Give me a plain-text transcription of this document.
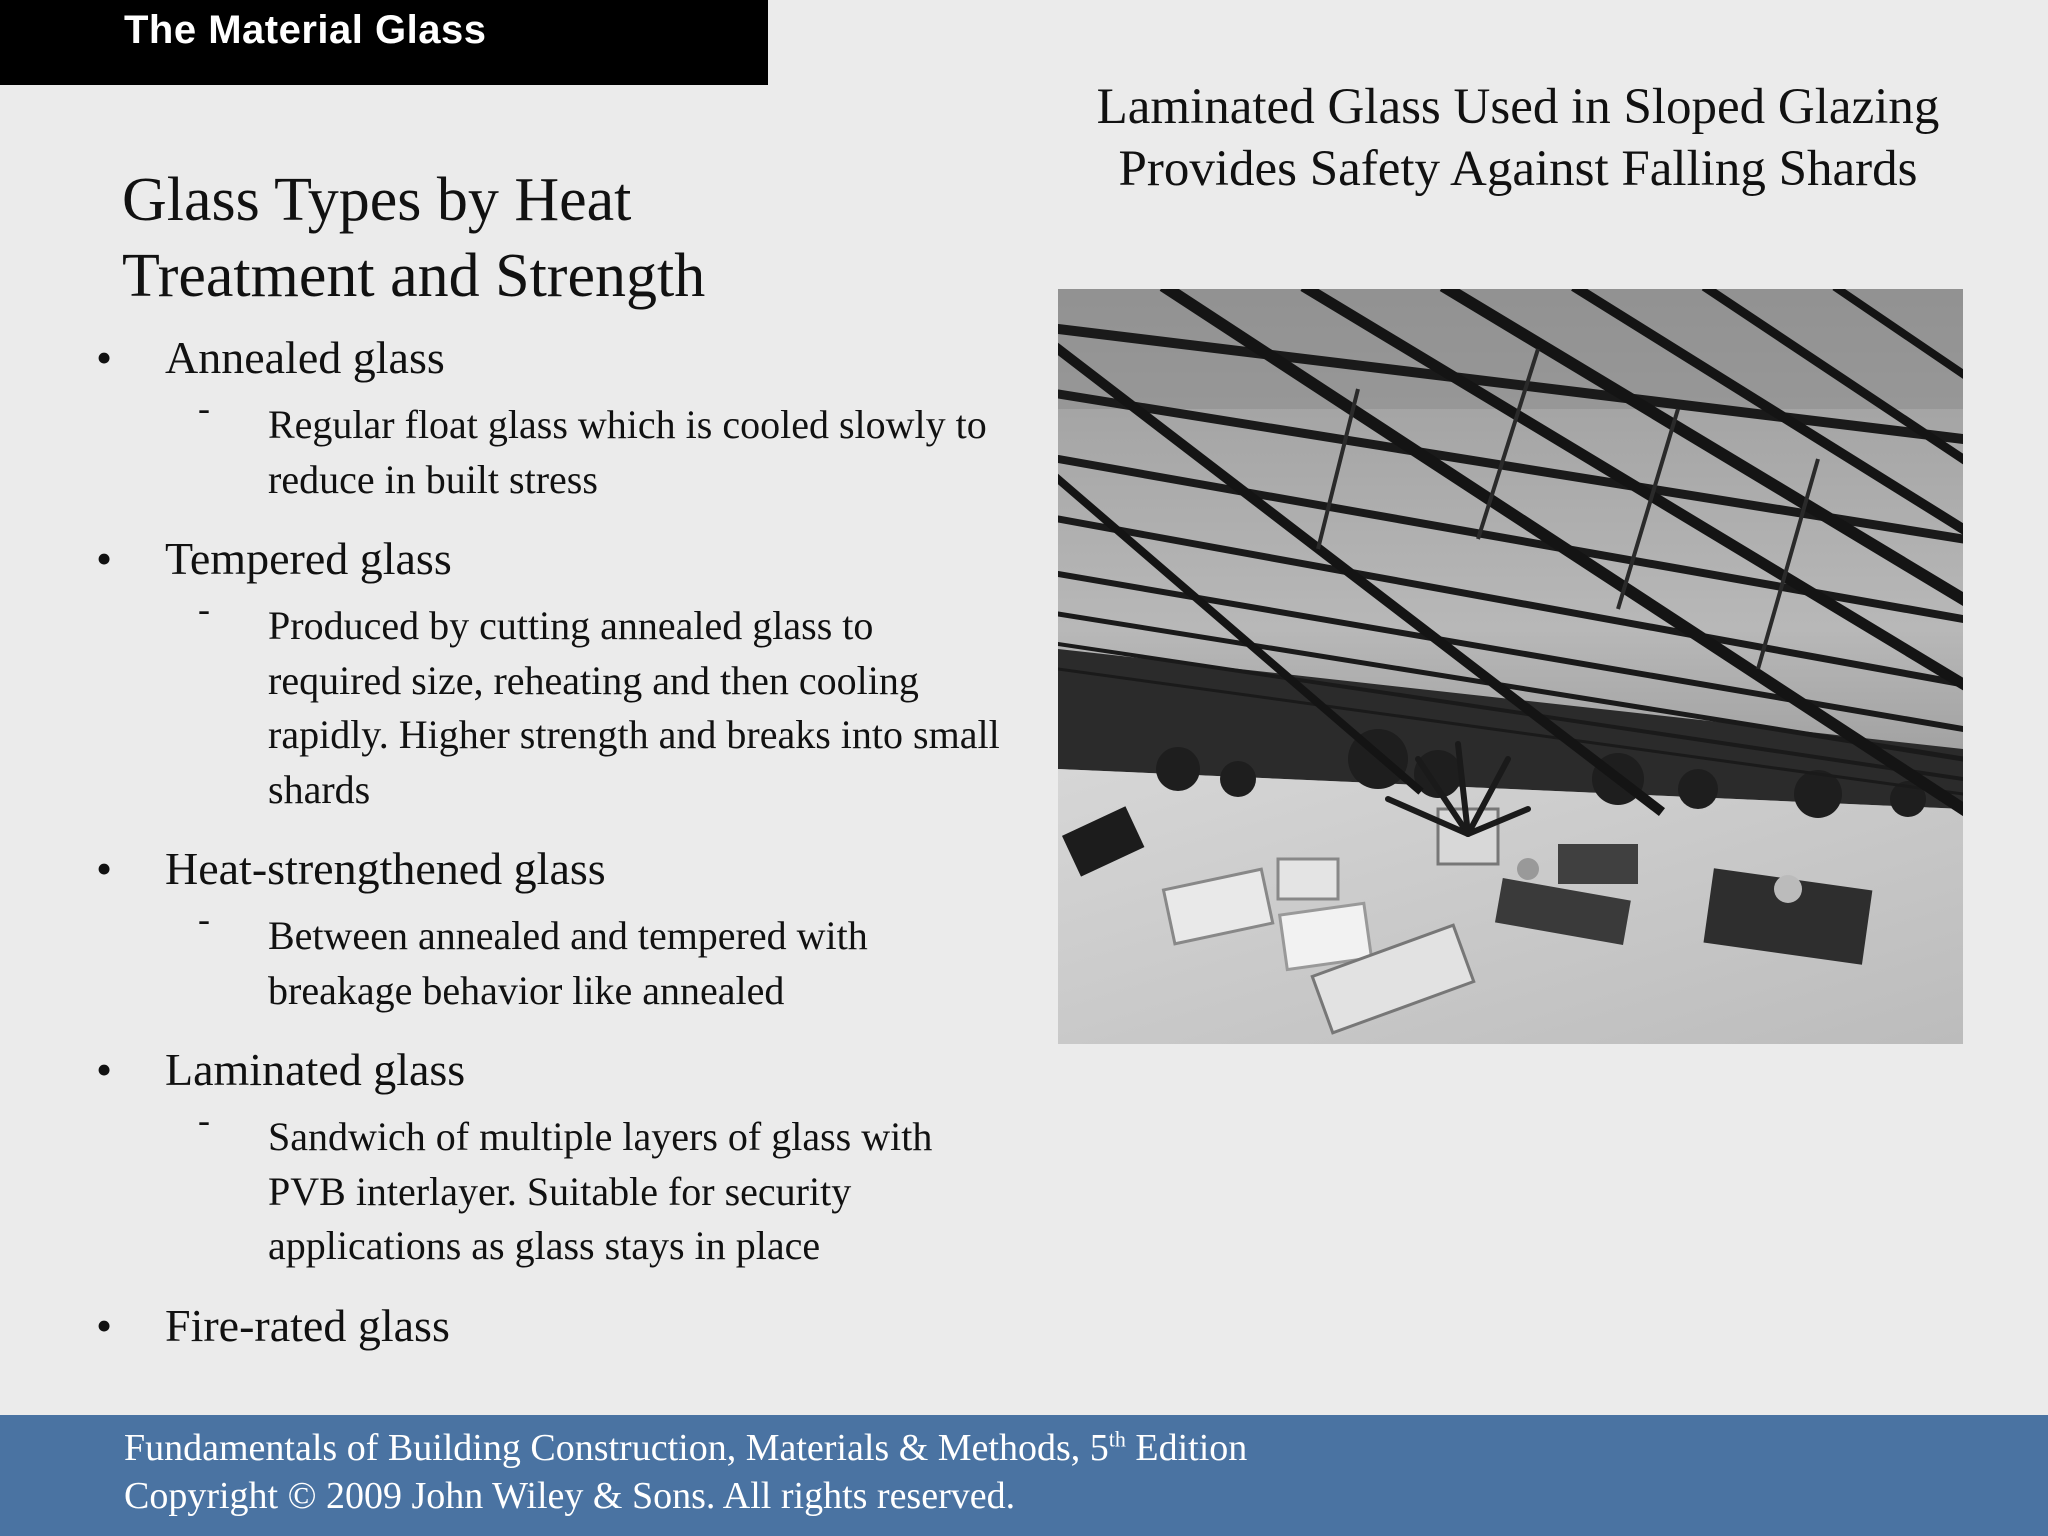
The Material Glass
Glass Types by Heat
Treatment and Strength
• Annealed glass
- Regular float glass which is cooled slowly to reduce in built stress
• Tempered glass
- Produced by cutting annealed glass to required size, reheating and then cooling rapidly. Higher strength and breaks into small shards
• Heat-strengthened glass
- Between annealed and tempered with breakage behavior like annealed
• Laminated glass
- Sandwich of multiple layers of glass with PVB interlayer. Suitable for security applications as glass stays in place
• Fire-rated glass
Laminated Glass Used in Sloped Glazing Provides Safety Against Falling Shards
Fundamentals of Building Construction, Materials & Methods, 5th Edition
Copyright © 2009 John Wiley & Sons. All rights reserved.
